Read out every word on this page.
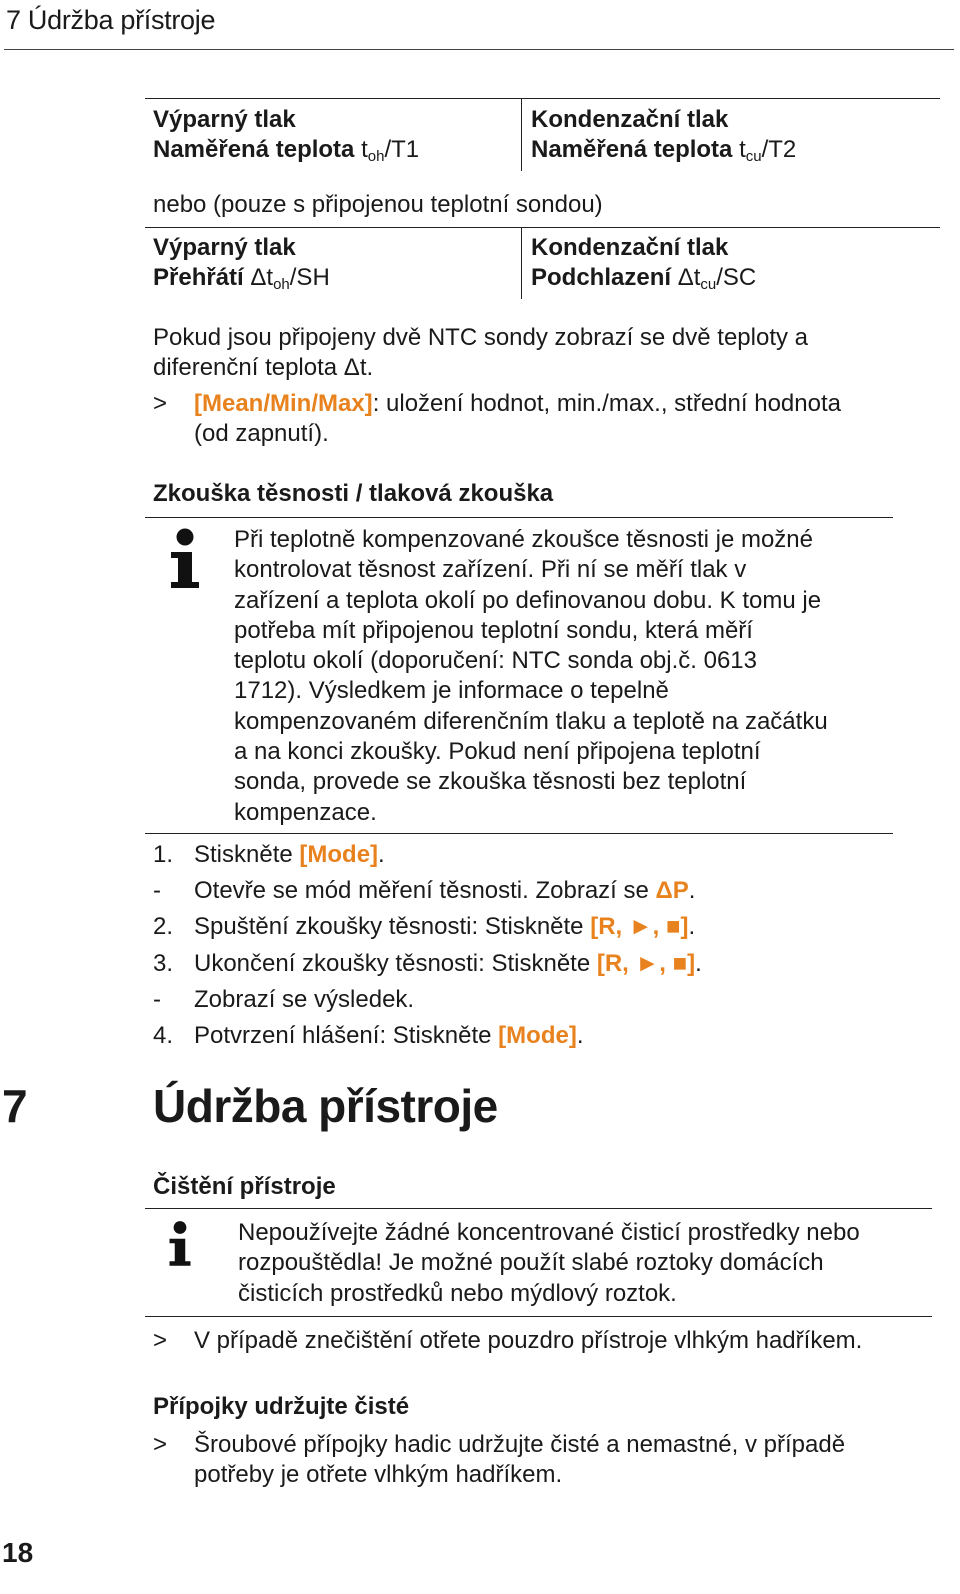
7 Údržba přístroje
Výparný tlak
Naměřená teplota $t_{oh}/T1$
Kondenzační tlak
Naměřená teplota $t_{cu}/T2$
nebo (pouze s připojenou teplotní sondou)
Výparný tlak
Přehřátí $\Delta t_{oh}/SH$
Kondenzační tlak
Podchlazení $\Delta t_{cu}/SC$
Pokud jsou připojeny dvě NTC sondy zobrazí se dvě teploty a
diferenční teplota Δt.
> [Mean/Min/Max]: uložení hodnot, min./max., střední hodnota
(od zapnutí).
Zkouška těsnosti / tlaková zkouška
Při teplotně kompenzované zkoušce těsnosti je možné
kontrolovat těsnost zařízení. Při ní se měří tlak v
zařízení a teplota okolí po definovanou dobu. K tomu je
potřeba mít připojenou teplotní sondu, která měří
teplotu okolí (doporučení: NTC sonda obj.č. 0613
1712). Výsledkem je informace o tepelně
kompenzovaném diferenčním tlaku a teplotě na začátku
a na konci zkoušky. Pokud není připojena teplotní
sonda, provede se zkouška těsnosti bez teplotní
kompenzace.
1. Stiskněte [Mode].
- Otevře se mód měření těsnosti. Zobrazí se ΔP.
2. Spuštění zkoušky těsnosti: Stiskněte [R, ►, ■].
3. Ukončení zkoušky těsnosti: Stiskněte [R, ►, ■].
- Zobrazí se výsledek.
4. Potvrzení hlášení: Stiskněte [Mode].
7	Údržba přístroje
Čištění přístroje
Nepoužívejte žádné koncentrované čisticí prostředky nebo
rozpouštědla! Je možné použít slabé roztoky domácích
čisticích prostředků nebo mýdlový roztok.
> V případě znečištění otřete pouzdro přístroje vlhkým hadříkem.
Přípojky udržujte čisté
> Šroubové přípojky hadic udržujte čisté a nemastné, v případě
potřeby je otřete vlhkým hadříkem.
18
